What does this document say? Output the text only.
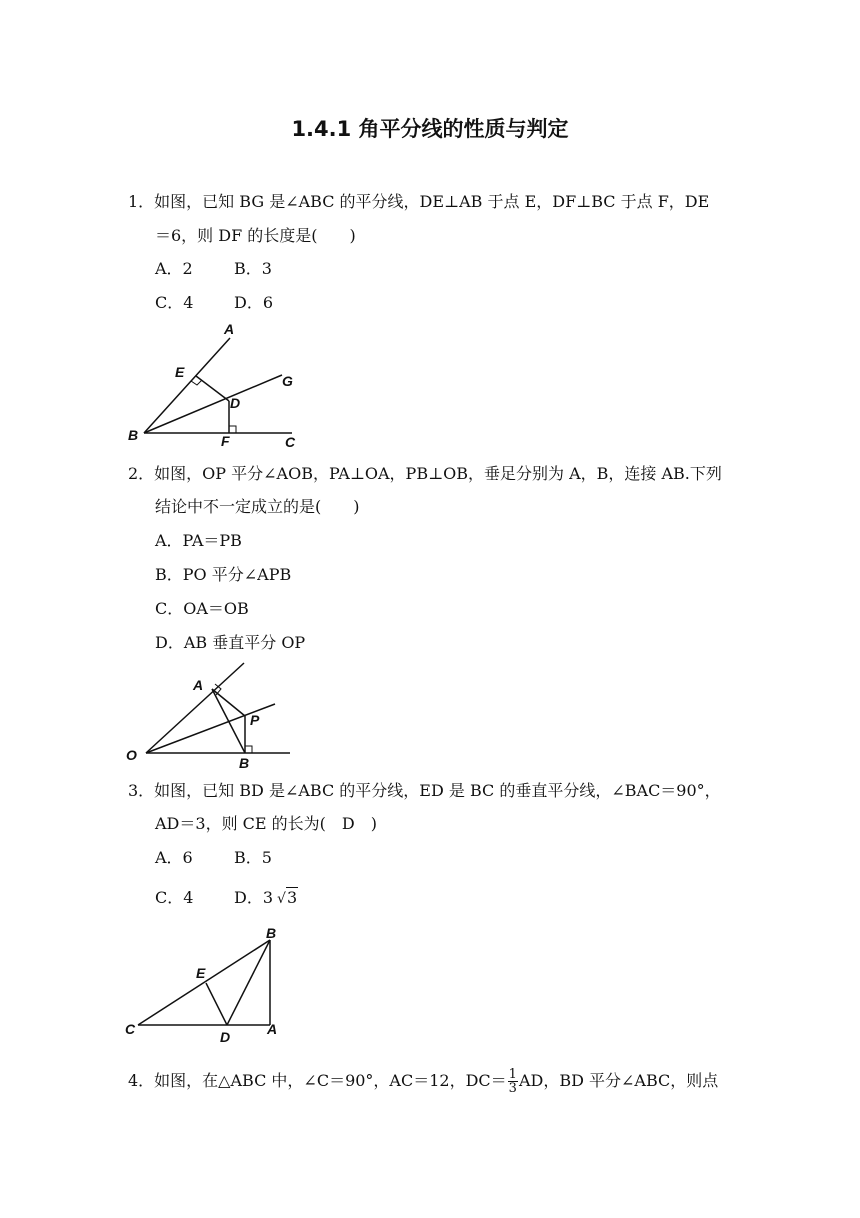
1.4.1 角平分线的性质与判定
1．如图，已知 BG 是∠ABC 的平分线，DE⊥AB 于点 E，DF⊥BC 于点 F，DE
＝6，则 DF 的长度是(　　)
A．2	B．3
C．4	D．6
A
E
G
D
B	F	C
2．如图，OP 平分∠AOB，PA⊥OA，PB⊥OB，垂足分别为 A，B，连接 AB.下列
结论中不一定成立的是(　　)
A．PA＝PB
B．PO 平分∠APB
C．OA＝OB
D．AB 垂直平分 OP
A
P
O	B
3．如图，已知 BD 是∠ABC 的平分线，ED 是 BC 的垂直平分线，∠BAC＝90°，
AD＝3，则 CE 的长为(　D　)
A．6	B．5
C．4	D．3 √3
B
E
C	D	A
4．如图，在△ABC 中，∠C＝90°，AC＝12，$DC= \frac{1}{3}$ AD，BD 平分∠ABC，则点
